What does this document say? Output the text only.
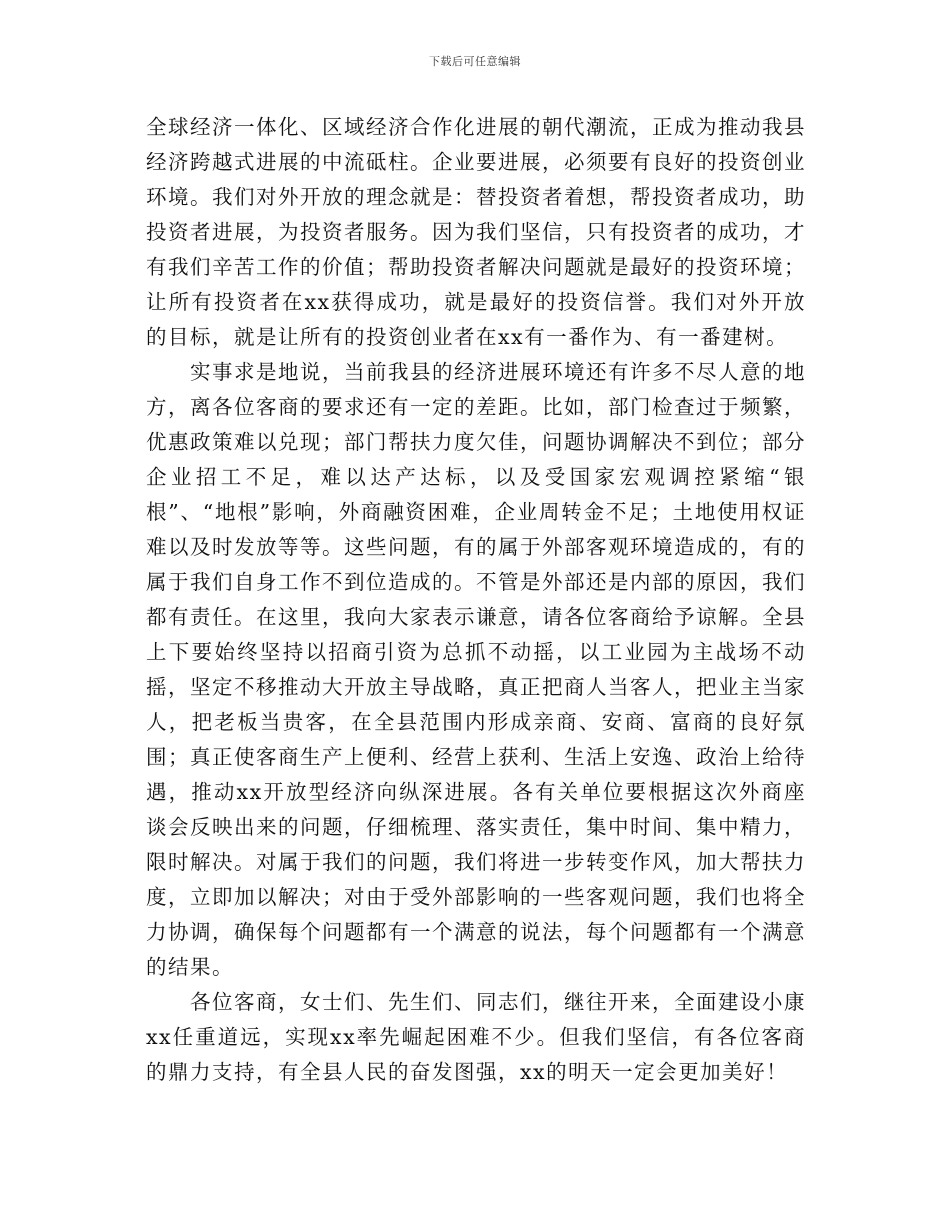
下载后可任意编辑

全球经济一体化、区域经济合作化进展的朝代潮流，正成为推动我县经济跨越式进展的中流砥柱。企业要进展，必须要有良好的投资创业环境。我们对外开放的理念就是：替投资者着想，帮投资者成功，助投资者进展，为投资者服务。因为我们坚信，只有投资者的成功，才有我们辛苦工作的价值；帮助投资者解决问题就是最好的投资环境；让所有投资者在xx获得成功，就是最好的投资信誉。我们对外开放的目标，就是让所有的投资创业者在xx有一番作为、有一番建树。

实事求是地说，当前我县的经济进展环境还有许多不尽人意的地方，离各位客商的要求还有一定的差距。比如，部门检查过于频繁，优惠政策难以兑现；部门帮扶力度欠佳，问题协调解决不到位；部分企业招工不足，难以达产达标，以及受国家宏观调控紧缩“银根”、“地根”影响，外商融资困难，企业周转金不足；土地使用权证难以及时发放等等。这些问题，有的属于外部客观环境造成的，有的属于我们自身工作不到位造成的。不管是外部还是内部的原因，我们都有责任。在这里，我向大家表示谦意，请各位客商给予谅解。全县上下要始终坚持以招商引资为总抓不动摇，以工业园为主战场不动摇，坚定不移推动大开放主导战略，真正把商人当客人，把业主当家人，把老板当贵客，在全县范围内形成亲商、安商、富商的良好氛围；真正使客商生产上便利、经营上获利、生活上安逸、政治上给待遇，推动xx开放型经济向纵深进展。各有关单位要根据这次外商座谈会反映出来的问题，仔细梳理、落实责任，集中时间、集中精力，限时解决。对属于我们的问题，我们将进一步转变作风，加大帮扶力度，立即加以解决；对由于受外部影响的一些客观问题，我们也将全力协调，确保每个问题都有一个满意的说法，每个问题都有一个满意的结果。

各位客商，女士们、先生们、同志们，继往开来，全面建设小康xx任重道远，实现xx率先崛起困难不少。但我们坚信，有各位客商的鼎力支持，有全县人民的奋发图强，xx的明天一定会更加美好！
